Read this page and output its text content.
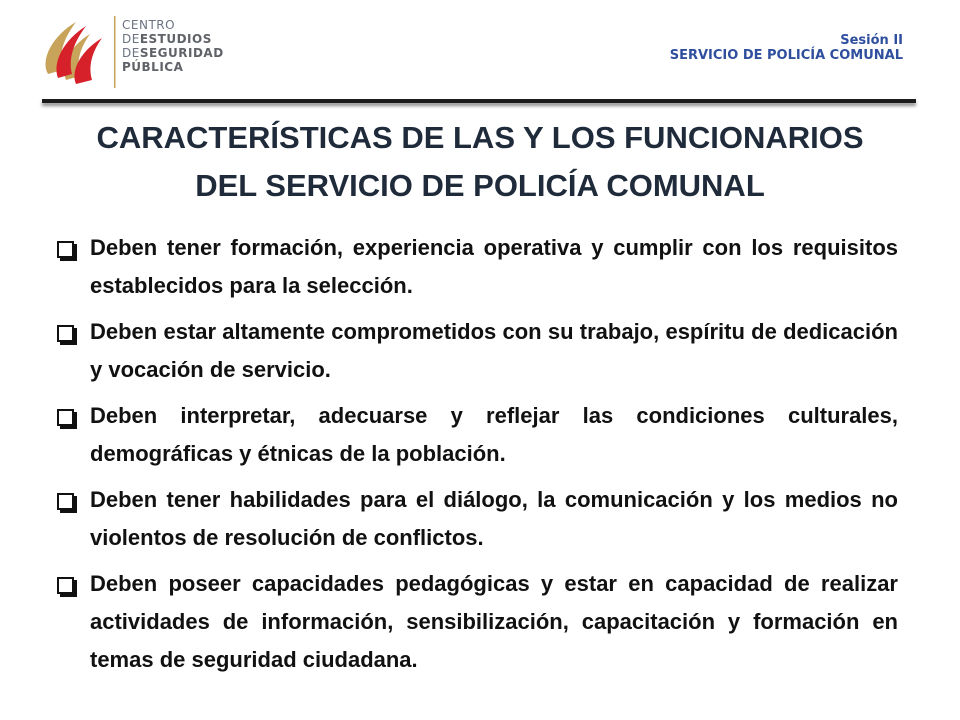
CENTRO
DEESTUDIOS
DESEGURIDAD
PÚBLICA
Sesión II
SERVICIO DE POLICÍA COMUNAL
CARACTERÍSTICAS DE LAS Y LOS FUNCIONARIOS
DEL SERVICIO DE POLICÍA COMUNAL
Deben tener formación, experiencia operativa y cumplir con los requisitos establecidos para la selección.
Deben estar altamente comprometidos con su trabajo, espíritu de dedicación y vocación de servicio.
Deben interpretar, adecuarse y reflejar las condiciones culturales, demográficas y étnicas de la población.
Deben tener habilidades para el diálogo, la comunicación y los medios no violentos de resolución de conflictos.
Deben poseer capacidades pedagógicas y estar en capacidad de realizar actividades de información, sensibilización, capacitación y formación en temas de seguridad ciudadana.
